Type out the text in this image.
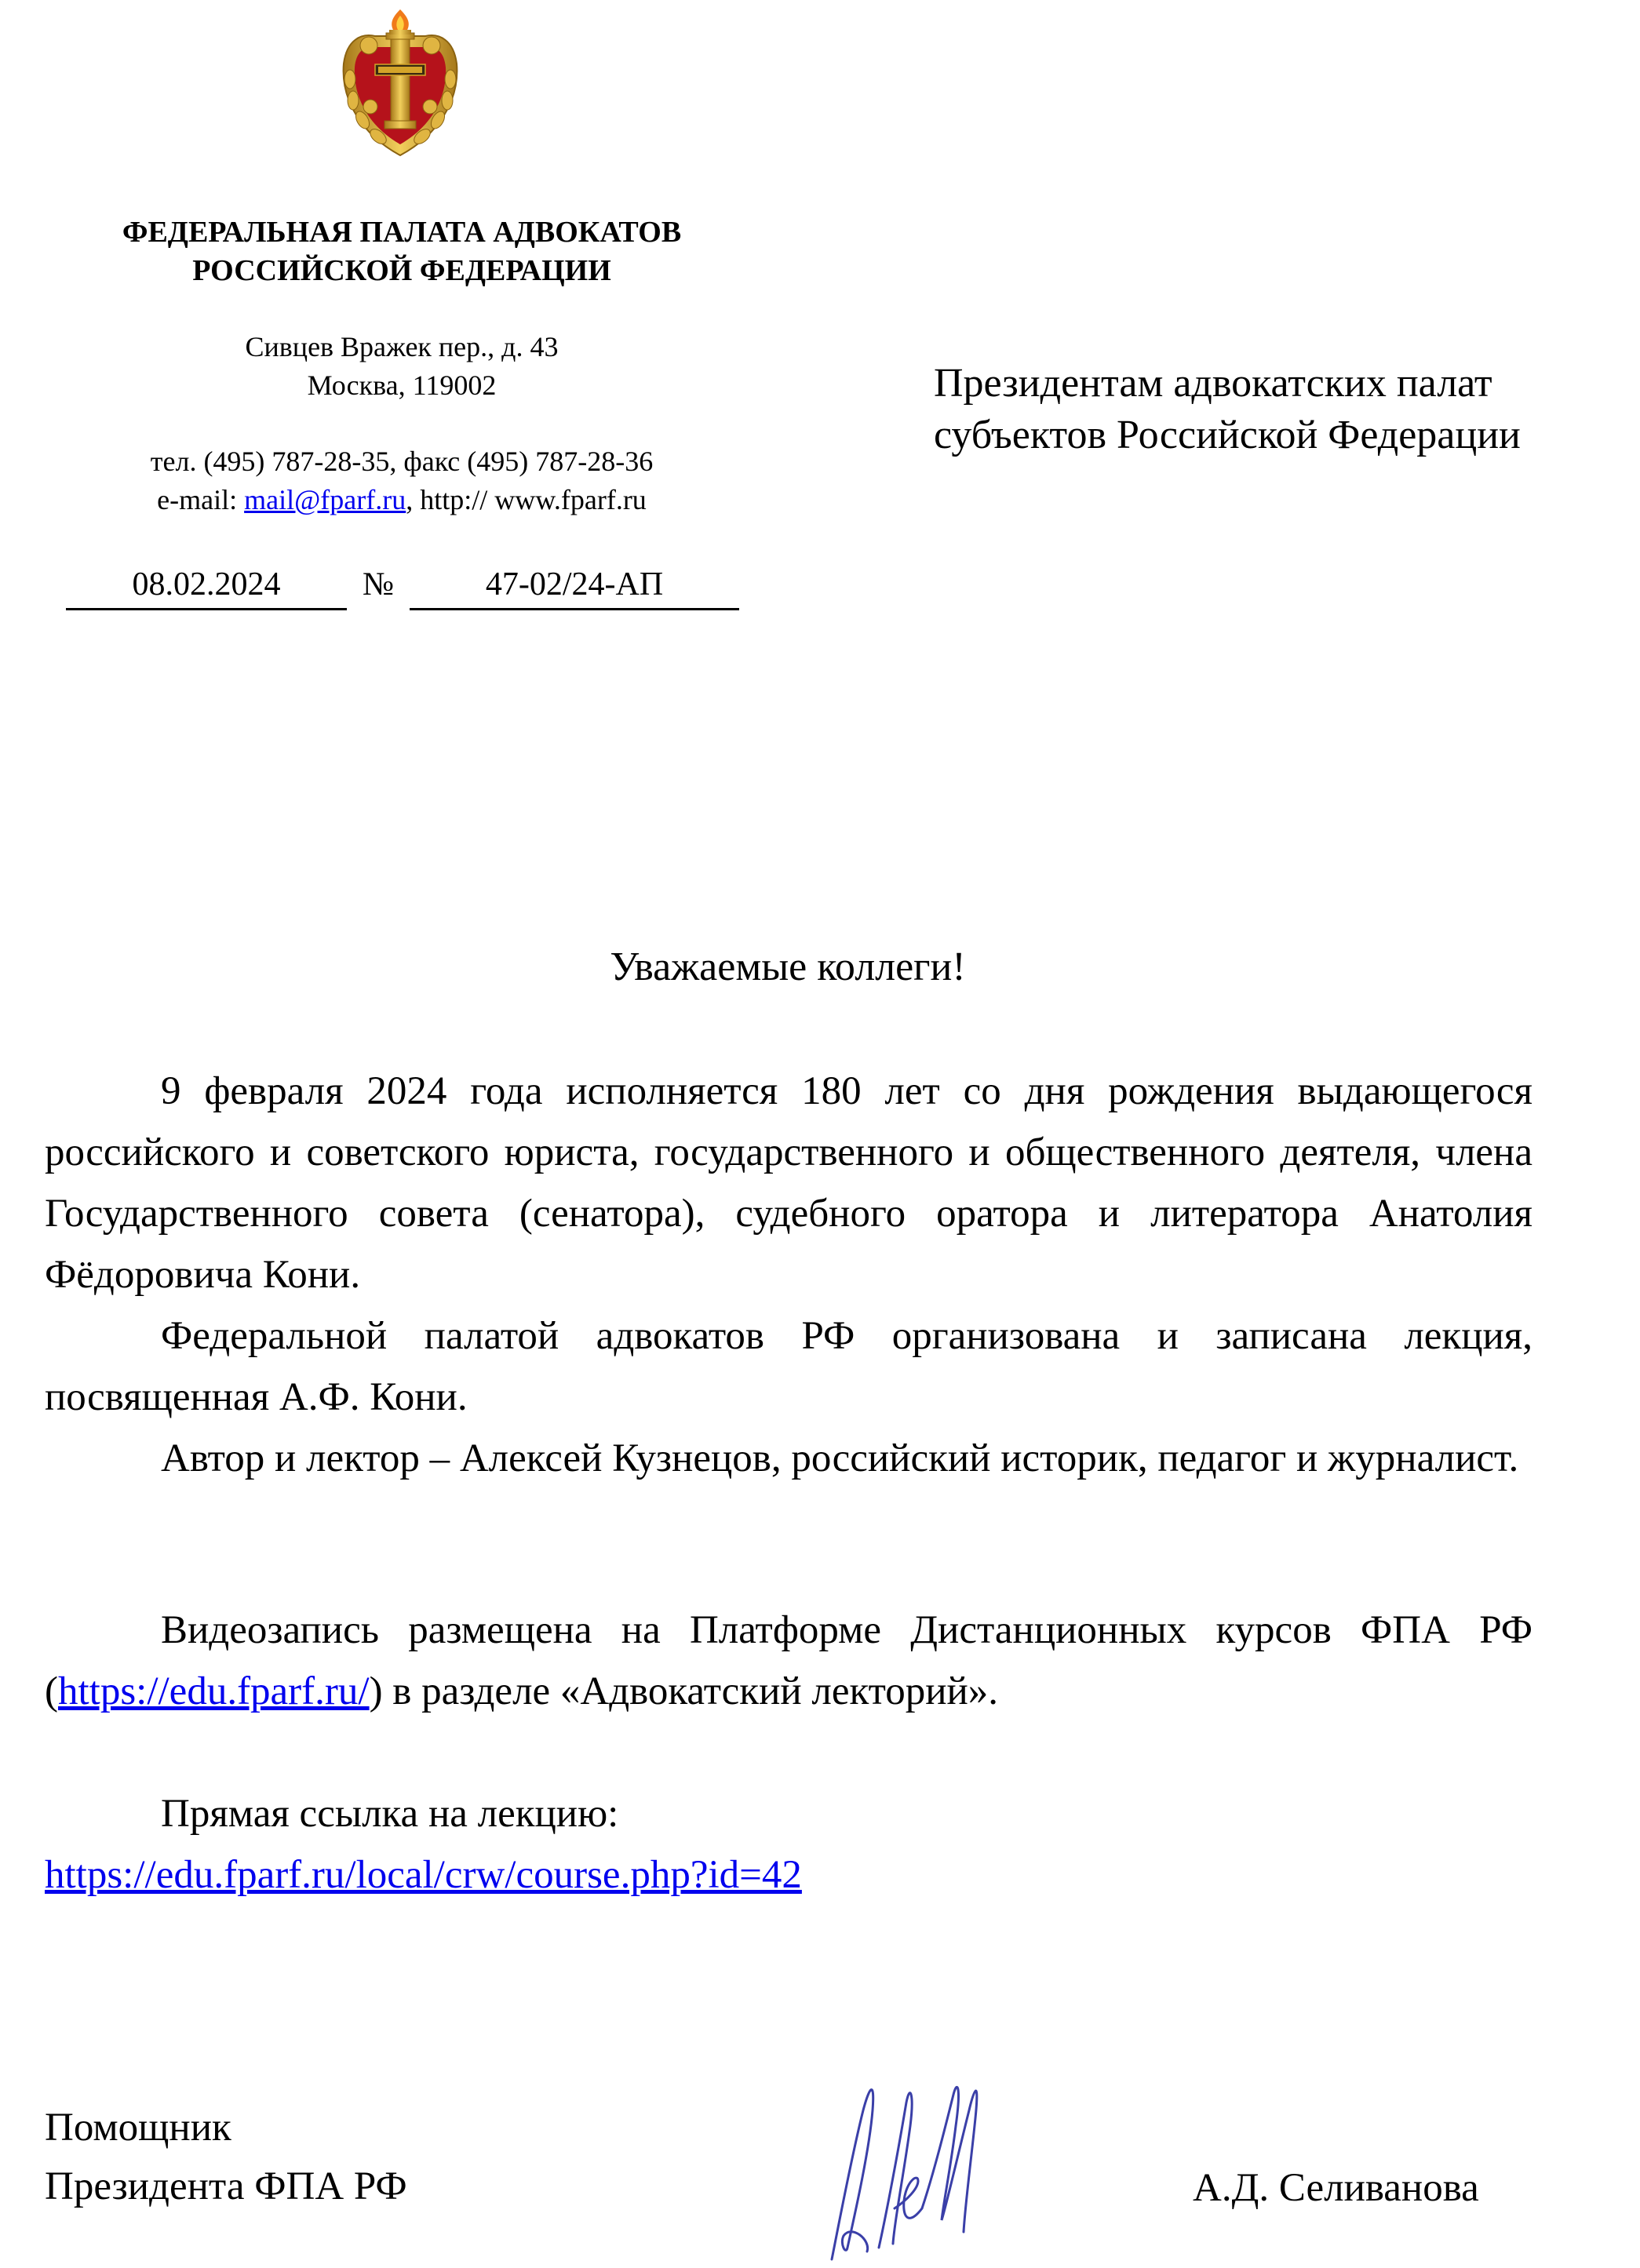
ФЕДЕРАЛЬНАЯ ПАЛАТА АДВОКАТОВ
РОССИЙСКОЙ ФЕДЕРАЦИИ
Сивцев Вражек пер., д. 43
Москва, 119002
тел. (495) 787-28-35, факс (495) 787-28-36
e-mail: mail@fparf.ru, http:// www.fparf.ru
08.02.2024 №	47-02/24-АП
Президентам адвокатских палат
субъектов Российской Федерации
Уважаемые коллеги!

9 февраля 2024 года исполняется 180 лет со дня рождения выдающегося российского и советского юриста, государственного и общественного деятеля, члена Государственного совета (сенатора), судебного оратора и литератора Анатолия Фёдоровича Кони.

Федеральной палатой адвокатов РФ организована и записана лекция, посвященная А.Ф. Кони.

Автор и лектор – Алексей Кузнецов, российский историк, педагог и журналист.

Видеозапись размещена на Платформе Дистанционных курсов ФПА РФ (https://edu.fparf.ru/) в разделе «Адвокатский лекторий».

Прямая ссылка на лекцию:

https://edu.fparf.ru/local/crw/course.php?id=42

Помощник
Президента ФПА РФ	А.Д. Селиванова
